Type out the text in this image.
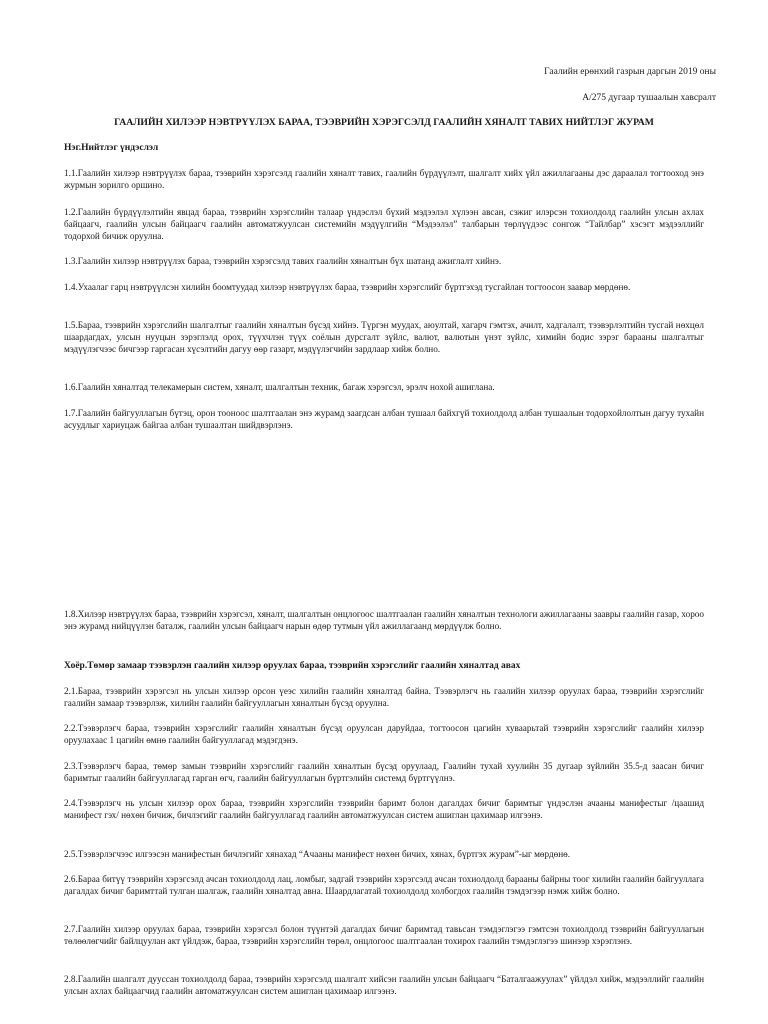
Гаалийн ерөнхий газрын даргын 2019 оны
А/275 дугаар тушаалын хавсралт
ГААЛИЙН ХИЛЭЭР НЭВТРҮҮЛЭХ БАРАА, ТЭЭВРИЙН ХЭРЭГСЭЛД ГААЛИЙН ХЯНАЛТ ТАВИХ НИЙТЛЭГ ЖУРАМ
Нэг.Нийтлэг үндэслэл
1.1.Гаалийн хилээр нэвтрүүлэх бараа, тээврийн хэрэгсэлд гаалийн хяналт тавих, гаалийн бүрдүүлэлт, шалгалт хийх үйл ажиллагааны дэс дараалал тогтооход энэ журмын зорилго оршино.
1.2.Гаалийн бүрдүүлэлтийн явцад бараа, тээврийн хэрэгслийн талаар үндэслэл бүхий мэдээлэл хүлээн авсан, сэжиг илэрсэн тохиолдолд гаалийн улсын ахлах байцаагч, гаалийн улсын байцаагч гаалийн автоматжуулсан системийн мэдүүлгийн “Мэдээлэл” талбарын төрлүүдээс сонгож “Тайлбар” хэсэгт мэдээллийг тодорхой бичиж оруулна.
1.3.Гаалийн хилээр нэвтрүүлэх бараа, тээврийн хэрэгсэлд тавих гаалийн хяналтын бүх шатанд ажиглалт хийнэ.
1.4.Ухаалаг гарц нэвтрүүлсэн хилийн боомтуудад хилээр нэвтрүүлэх бараа, тээврийн хэрэгслийг бүртгэхэд тусгайлан тогтоосон заавар мөрдөнө.
1.5.Бараа, тээврийн хэрэгслийн шалгалтыг гаалийн хяналтын бүсэд хийнэ. Түргэн муудах, аюултай, хагарч гэмтэх, ачилт, хадгалалт, тээвэрлэлтийн тусгай нөхцөл шаардагдах, улсын нууцын зэрэглэлд орох, түүхчлэн түүх соёлын дурсгалт зүйлс, валют, валютын үнэт зүйлс, химийн бодис зэрэг барааны шалгалтыг мэдүүлэгчээс бичгээр гаргасан хүсэлтийн дагуу өөр газарт, мэдүүлэгчийн зардлаар хийж болно.
1.6.Гаалийн хяналтад телекамерын систем, хяналт, шалгалтын техник, багаж хэрэгсэл, эрэлч нохой ашиглана.
1.7.Гаалийн байгууллагын бүтэц, орон тооноос шалтгаалан энэ журамд заагдсан албан тушаал байхгүй тохиолдолд албан тушаалын тодорхойлолтын дагуу тухайн асуудлыг хариуцаж байгаа албан тушаалтан шийдвэрлэнэ.
1.8.Хилээр нэвтрүүлэх бараа, тээврийн хэрэгсэл, хяналт, шалгалтын онцлогоос шалтгаалан гаалийн хяналтын технологи ажиллагааны заавры гаалийн газар, хороо энэ журамд нийцүүлэн баталж, гаалийн улсын байцаагч нарын өдөр тутмын үйл ажиллагаанд мөрдүүлж болно.
Хоёр.Төмөр замаар тээвэрлэн гаалийн хилээр оруулах бараа, тээврийн хэрэгслийг гаалийн хяналтад авах
2.1.Бараа, тээврийн хэрэгсэл нь улсын хилээр орсон үеэс хилийн гаалийн хяналтад байна. Тээвэрлэгч нь гаалийн хилээр оруулах бараа, тээврийн хэрэгслийг гаалийн замаар тээвэрлэж, хилийн гаалийн байгууллагын хяналтын бүсэд оруулна.
2.2.Тээвэрлэгч бараа, тээврийн хэрэгслийг гаалийн хяналтын бүсэд оруулсан даруйдаа, тогтоосон цагийн хуваарьтай тээврийн хэрэгслийг гаалийн хилээр оруулахаас 1 цагийн өмнө гаалийн байгууллагад мэдэгдэнэ.
2.3.Тээвэрлэгч бараа, төмөр замын тээврийн хэрэгслийг гаалийн хяналтын бүсэд оруулаад, Гаалийн тухай хуулийн 35 дугаар зүйлийн 35.5-д заасан бичиг баримтыг гаалийн байгууллагад гарган өгч, гаалийн байгууллагын бүртгэлийн системд бүртгүүлнэ.
2.4.Тээвэрлэгч нь улсын хилээр орох бараа, тээврийн хэрэгслийн тээврийн баримт болон дагалдах бичиг баримтыг үндэслэн ачааны манифестыг /цаашид манифест гэх/ нөхөн бичиж, бичлэгийг гаалийн байгууллагад гаалийн автоматжуулсан систем ашиглан цахимаар илгээнэ.
2.5.Тээвэрлэгчээс илгээсэн манифестын бичлэгийг хянахад “Ачааны манифест нөхөн бичих, хянах, бүртгэх журам”-ыг мөрдөнө.
2.6.Бараа битүү тээврийн хэрэгсэлд ачсан тохиолдолд лац, ломбыг, задгай тээврийн хэрэгсэлд ачсан тохиолдолд барааны байрны тоог хилийн гаалийн байгууллага дагалдах бичиг баримттай тулган шалгаж, гаалийн хяналтад авна. Шаардлагатай тохиолдолд холбогдох гаалийн тэмдэгээр нэмж хийж болно.
2.7.Гаалийн хилээр оруулах бараа, тээврийн хэрэгсэл болон түүнтэй дагалдах бичиг баримтад тавьсан тэмдэглэгээ гэмтсэн тохиолдолд тээврийн байгууллагын төлөөлөгчийг байлцуулан акт үйлдэж, бараа, тээврийн хэрэгслийн төрөл, онцлогоос шалтгаалан тохирох гаалийн тэмдэглэгээ шинээр хэрэглэнэ.
2.8.Гаалийн шалгалт дууссан тохиолдолд бараа, тээврийн хэрэгсэлд шалгалт хийсэн гаалийн улсын байцаагч “Баталгаажуулах” үйлдэл хийж, мэдээллийг гаалийн улсын ахлах байцаагчид гаалийн автоматжуулсан систем ашиглан цахимаар илгээнэ.
